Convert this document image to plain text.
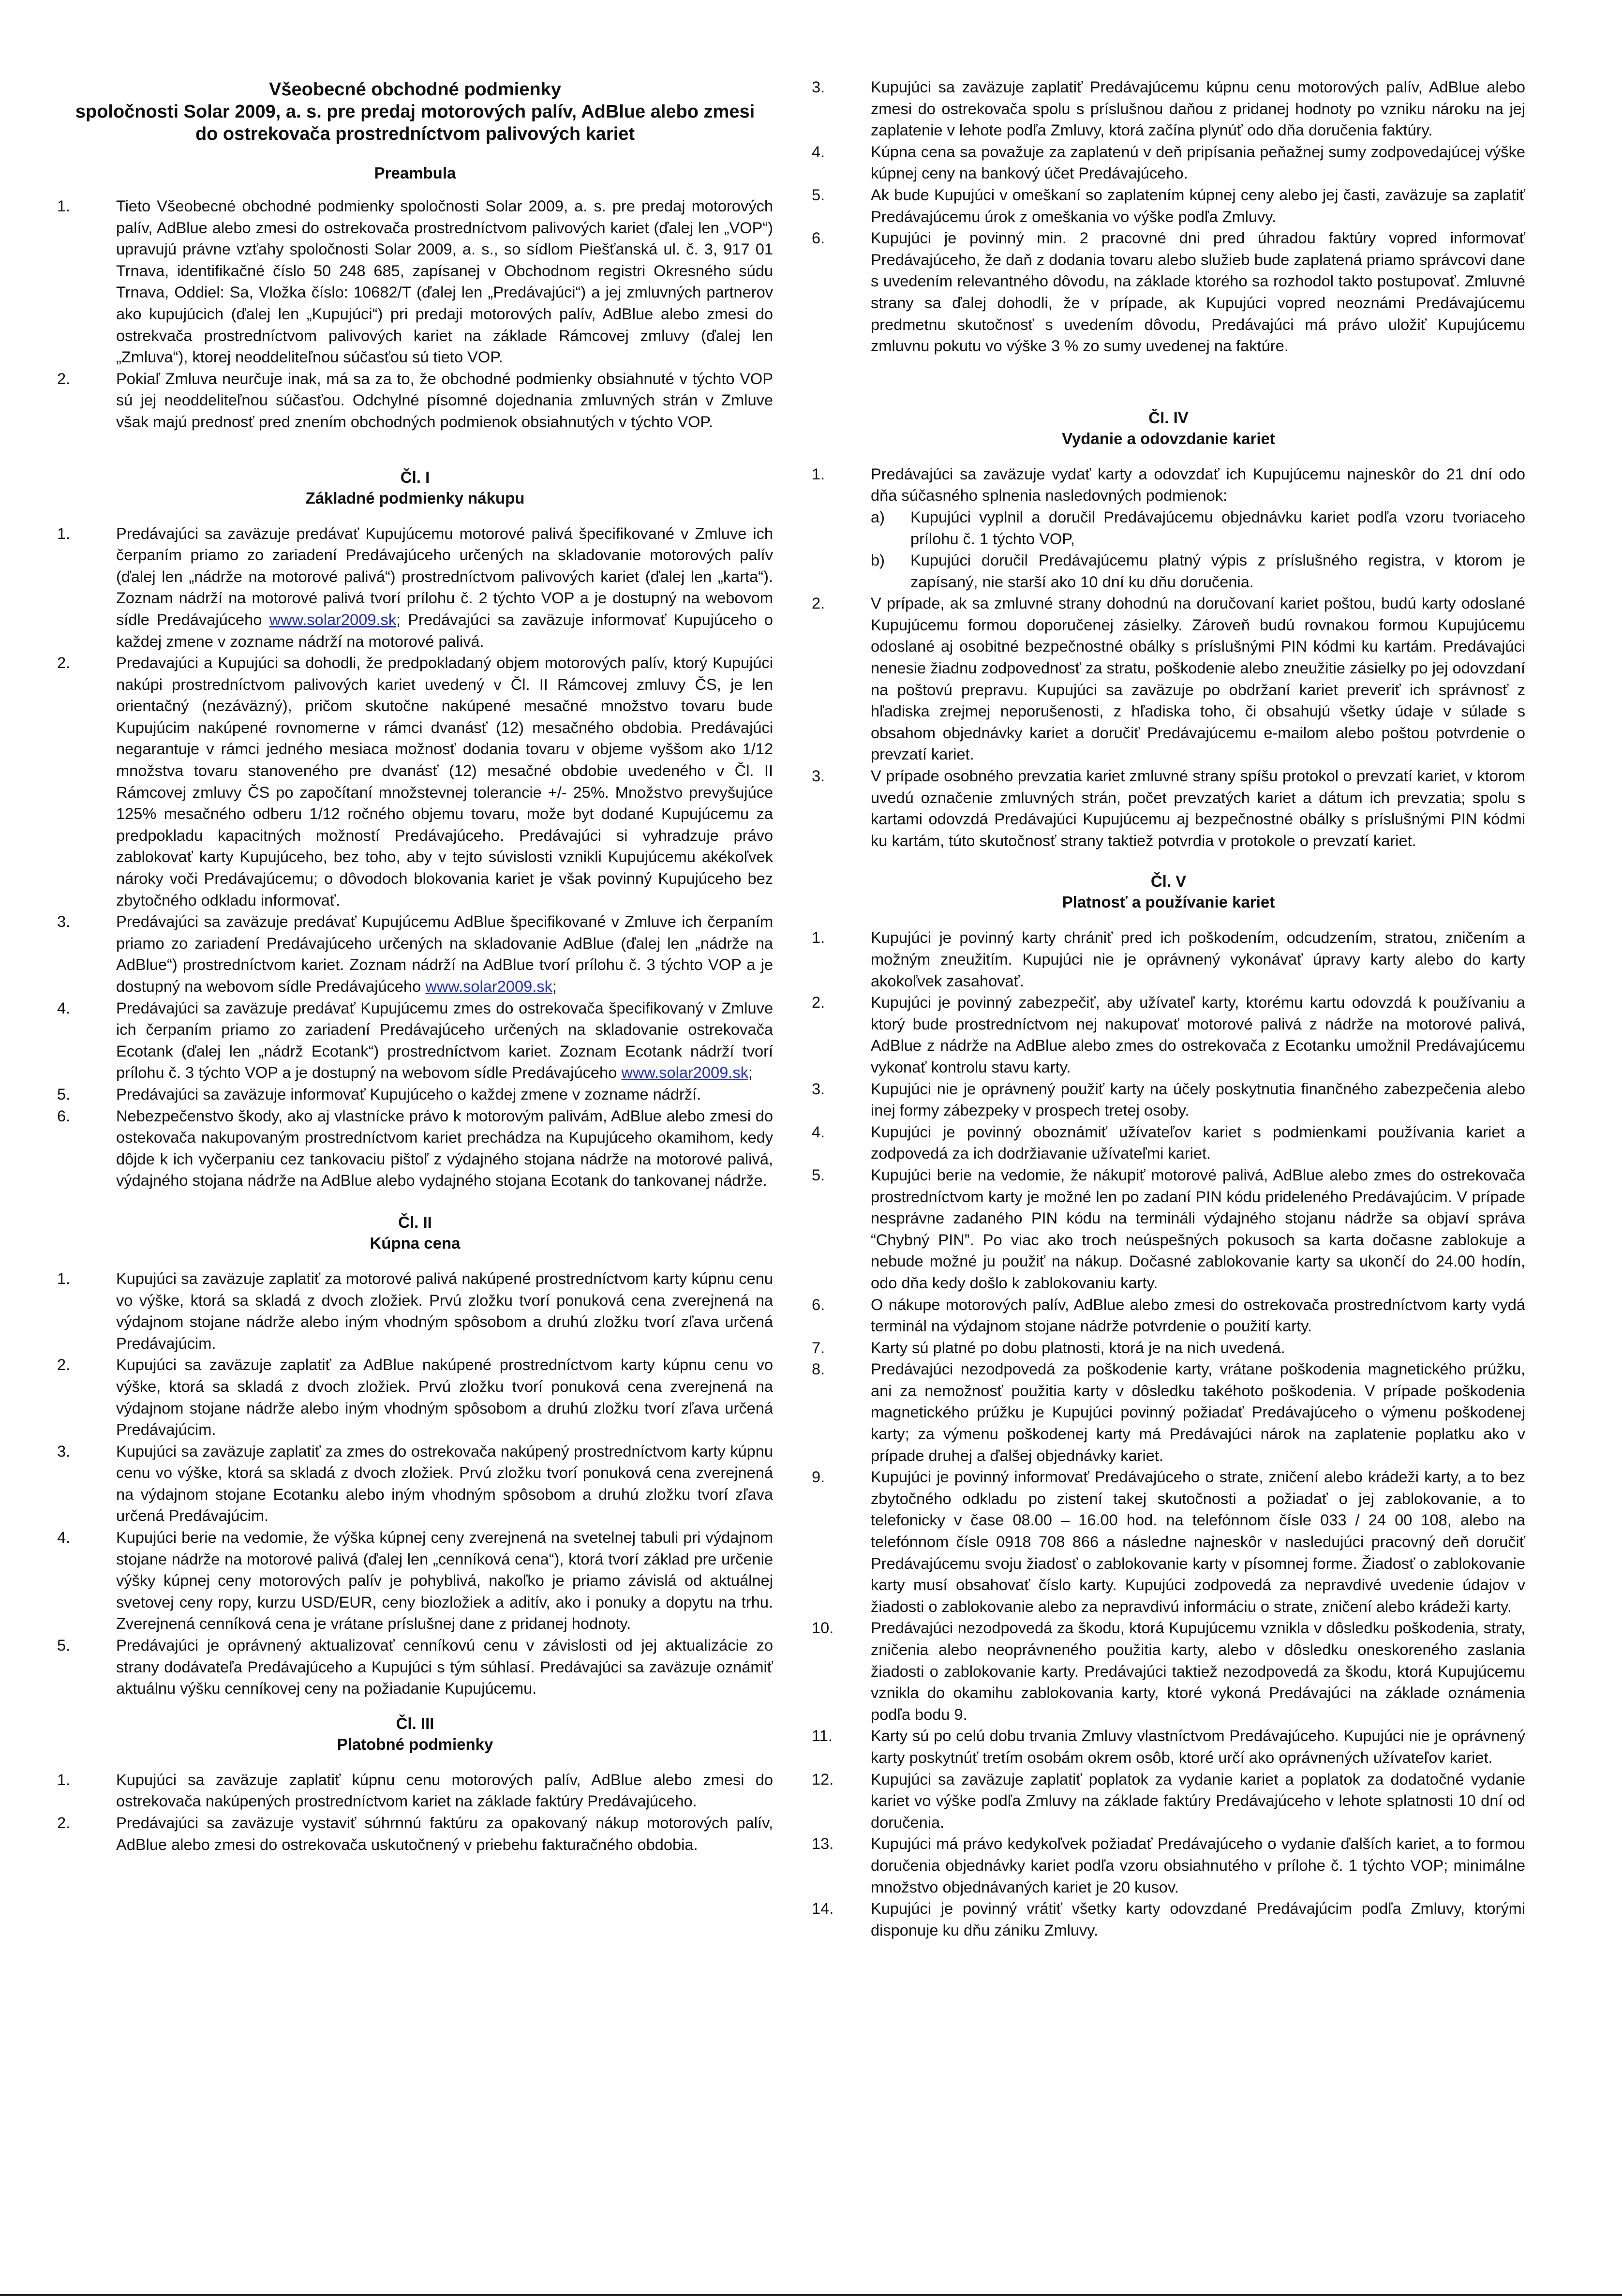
Všeobecné obchodné podmienky

spoločnosti Solar 2009, a. s. pre predaj motorových palív, AdBlue alebo zmesi

do ostrekovača prostredníctvom palivových kariet

Preambula

1.	Tieto Všeobecné obchodné podmienky spoločnosti Solar 2009, a. s. pre predaj motorových palív, AdBlue alebo zmesi do ostrekovača prostredníctvom palivových kariet (ďalej len „VOP“) upravujú právne vzťahy spoločnosti Solar 2009, a. s., so sídlom Piešťanská ul. č. 3, 917 01 Trnava, identifikačné číslo 50 248 685, zapísanej v Obchodnom registri Okresného súdu Trnava, Oddiel: Sa, Vložka číslo: 10682/T (ďalej len „Predávajúci“) a jej zmluvných partnerov ako kupujúcich (ďalej len „Kupujúci“) pri predaji motorových palív, AdBlue alebo zmesi do ostrekvača prostredníctvom palivových kariet na základe Rámcovej zmluvy (ďalej len „Zmluva“), ktorej neoddeliteľnou súčasťou sú tieto VOP.
2.	Pokiaľ Zmluva neurčuje inak, má sa za to, že obchodné podmienky obsiahnuté v týchto VOP sú jej neoddeliteľnou súčasťou. Odchylné písomné dojednania zmluvných strán v Zmluve však majú prednosť pred znením obchodných podmienok obsiahnutých v týchto VOP.

Čl. I

Základné podmienky nákupu

1.	Predávajúci sa zaväzuje predávať Kupujúcemu motorové palivá špecifikované v Zmluve ich čerpaním priamo zo zariadení Predávajúceho určených na skladovanie motorových palív (ďalej len „nádrže na motorové palivá“) prostredníctvom palivových kariet (ďalej len „karta“). Zoznam nádrží na motorové palivá tvorí prílohu č. 2 týchto VOP a je dostupný na webovom sídle Predávajúceho www.solar2009.sk; Predávajúci sa zaväzuje informovať Kupujúceho o každej zmene v zozname nádrží na motorové palivá.
2.	Predavajúci a Kupujúci sa dohodli, že predpokladaný objem motorových palív, ktorý Kupujúci nakúpi prostredníctvom palivových kariet uvedený v Čl. II Rámcovej zmluvy ČS, je len orientačný (nezáväzný), pričom skutočne nakúpené mesačné množstvo tovaru bude Kupujúcim nakúpené rovnomerne v rámci dvanásť (12) mesačného obdobia. Predávajúci negarantuje v rámci jedného mesiaca možnosť dodania tovaru v objeme vyššom ako 1/12 množstva tovaru stanoveného pre dvanásť (12) mesačné obdobie uvedeného v Čl. II Rámcovej zmluvy ČS po započítaní množstevnej tolerancie +/- 25%. Množstvo prevyšujúce 125% mesačného odberu 1/12 ročného objemu tovaru, može byt dodané Kupujúcemu za predpokladu kapacitných možností Predávajúceho. Predávajúci si vyhradzuje právo zablokovať karty Kupujúceho, bez toho, aby v tejto súvislosti vznikli Kupujúcemu akékoľvek nároky voči Predávajúcemu; o dôvodoch blokovania kariet je však povinný Kupujúceho bez zbytočného odkladu informovať.
3.	Predávajúci sa zaväzuje predávať Kupujúcemu AdBlue špecifikované v Zmluve ich čerpaním priamo zo zariadení Predávajúceho určených na skladovanie AdBlue (ďalej len „nádrže na AdBlue“) prostredníctvom kariet. Zoznam nádrží na AdBlue tvorí prílohu č. 3 týchto VOP a je dostupný na webovom sídle Predávajúceho www.solar2009.sk;
4.	Predávajúci sa zaväzuje predávať Kupujúcemu zmes do ostrekovača špecifikovaný v Zmluve ich čerpaním priamo zo zariadení Predávajúceho určených na skladovanie ostrekovača Ecotank (ďalej len „nádrž Ecotank“) prostredníctvom kariet. Zoznam Ecotank nádrží tvorí prílohu č. 3 týchto VOP a je dostupný na webovom sídle Predávajúceho www.solar2009.sk;
5.	Predávajúci sa zaväzuje informovať Kupujúceho o každej zmene v zozname nádrží.
6.	Nebezpečenstvo škody, ako aj vlastnícke právo k motorovým palivám, AdBlue alebo zmesi do ostekovača nakupovaným prostredníctvom kariet prechádza na Kupujúceho okamihom, kedy dôjde k ich vyčerpaniu cez tankovaciu pištoľ z výdajného stojana nádrže na motorové palivá, výdajného stojana nádrže na AdBlue alebo vydajného stojana Ecotank do tankovanej nádrže.

Čl. II

Kúpna cena

1.	Kupujúci sa zaväzuje zaplatiť za motorové palivá nakúpené prostredníctvom karty kúpnu cenu vo výške, ktorá sa skladá z dvoch zložiek. Prvú zložku tvorí ponuková cena zverejnená na výdajnom stojane nádrže alebo iným vhodným spôsobom a druhú zložku tvorí zľava určená Predávajúcim.
2.	Kupujúci sa zaväzuje zaplatiť za AdBlue nakúpené prostredníctvom karty kúpnu cenu vo výške, ktorá sa skladá z dvoch zložiek. Prvú zložku tvorí ponuková cena zverejnená na výdajnom stojane nádrže alebo iným vhodným spôsobom a druhú zložku tvorí zľava určená Predávajúcim.
3.	Kupujúci sa zaväzuje zaplatiť za zmes do ostrekovača nakúpený prostredníctvom karty kúpnu cenu vo výške, ktorá sa skladá z dvoch zložiek. Prvú zložku tvorí ponuková cena zverejnená na výdajnom stojane Ecotanku alebo iným vhodným spôsobom a druhú zložku tvorí zľava určená Predávajúcim.
4.	Kupujúci berie na vedomie, že výška kúpnej ceny zverejnená na svetelnej tabuli pri výdajnom stojane nádrže na motorové palivá (ďalej len „cenníková cena“), ktorá tvorí základ pre určenie výšky kúpnej ceny motorových palív je pohyblivá, nakoľko je priamo závislá od aktuálnej svetovej ceny ropy, kurzu USD/EUR, ceny biozložiek a aditív, ako i ponuky a dopytu na trhu. Zverejnená cenníková cena je vrátane príslušnej dane z pridanej hodnoty.
5.	Predávajúci je oprávnený aktualizovať cenníkovú cenu v závislosti od jej aktualizácie zo strany dodávateľa Predávajúceho a Kupujúci s tým súhlasí. Predávajúci sa zaväzuje oznámiť aktuálnu výšku cenníkovej ceny na požiadanie Kupujúcemu.

Čl. III

Platobné podmienky

1.	Kupujúci sa zaväzuje zaplatiť kúpnu cenu motorových palív, AdBlue alebo zmesi do ostrekovača nakúpených prostredníctvom kariet na základe faktúry Predávajúceho.
2.	Predávajúci sa zaväzuje vystaviť súhrnnú faktúru za opakovaný nákup motorových palív, AdBlue alebo zmesi do ostrekovača uskutočnený v priebehu fakturačného obdobia.
3.	Kupujúci sa zaväzuje zaplatiť Predávajúcemu kúpnu cenu motorových palív, AdBlue alebo zmesi do ostrekovača spolu s príslušnou daňou z pridanej hodnoty po vzniku nároku na jej zaplatenie v lehote podľa Zmluvy, ktorá začína plynúť odo dňa doručenia faktúry.
4.	Kúpna cena sa považuje za zaplatenú v deň pripísania peňažnej sumy zodpovedajúcej výške kúpnej ceny na bankový účet Predávajúceho.
5.	Ak bude Kupujúci v omeškaní so zaplatením kúpnej ceny alebo jej časti, zaväzuje sa zaplatiť Predávajúcemu úrok z omeškania vo výške podľa Zmluvy.
6.	Kupujúci je povinný min. 2 pracovné dni pred úhradou faktúry vopred informovať Predávajúceho, že daň z dodania tovaru alebo služieb bude zaplatená priamo správcovi dane s uvedením relevantného dôvodu, na základe ktorého sa rozhodol takto postupovať. Zmluvné strany sa ďalej dohodli, že v prípade, ak Kupujúci vopred neoznámi Predávajúcemu predmetnu skutočnosť s uvedením dôvodu, Predávajúci má právo uložiť Kupujúcemu zmluvnu pokutu vo výške 3 % zo sumy uvedenej na faktúre.

Čl. IV

Vydanie a odovzdanie kariet

1.	Predávajúci sa zaväzuje vydať karty a odovzdať ich Kupujúcemu najneskôr do 21 dní odo dňa súčasného splnenia nasledovných podmienok:
a)	Kupujúci vyplnil a doručil Predávajúcemu objednávku kariet podľa vzoru tvoriaceho prílohu č. 1 týchto VOP,
b)	Kupujúci doručil Predávajúcemu platný výpis z príslušného registra, v ktorom je zapísaný, nie starší ako 10 dní ku dňu doručenia.
2.	V prípade, ak sa zmluvné strany dohodnú na doručovaní kariet poštou, budú karty odoslané Kupujúcemu formou doporučenej zásielky. Zároveň budú rovnakou formou Kupujúcemu odoslané aj osobitné bezpečnostné obálky s príslušnými PIN kódmi ku kartám. Predávajúci nenesie žiadnu zodpovednosť za stratu, poškodenie alebo zneužitie zásielky po jej odovzdaní na poštovú prepravu. Kupujúci sa zaväzuje po obdržaní kariet preveriť ich správnosť z hľadiska zrejmej neporušenosti, z hľadiska toho, či obsahujú všetky údaje v súlade s obsahom objednávky kariet a doručiť Predávajúcemu e-mailom alebo poštou potvrdenie o prevzatí kariet.
3.	V prípade osobného prevzatia kariet zmluvné strany spíšu protokol o prevzatí kariet, v ktorom uvedú označenie zmluvných strán, počet prevzatých kariet a dátum ich prevzatia; spolu s kartami odovzdá Predávajúci Kupujúcemu aj bezpečnostné obálky s príslušnými PIN kódmi ku kartám, túto skutočnosť strany taktiež potvrdia v protokole o prevzatí kariet.

Čl. V

Platnosť a používanie kariet

1.	Kupujúci je povinný karty chrániť pred ich poškodením, odcudzením, stratou, zničením a možným zneužitím. Kupujúci nie je oprávnený vykonávať úpravy karty alebo do karty akokoľvek zasahovať.
2.	Kupujúci je povinný zabezpečiť, aby užívateľ karty, ktorému kartu odovzdá k používaniu a ktorý bude prostredníctvom nej nakupovať motorové palivá z nádrže na motorové palivá, AdBlue z nádrže na AdBlue alebo zmes do ostrekovača z Ecotanku umožnil Predávajúcemu vykonať kontrolu stavu karty.
3.	Kupujúci nie je oprávnený použiť karty na účely poskytnutia finančného zabezpečenia alebo inej formy zábezpeky v prospech tretej osoby.
4.	Kupujúci je povinný oboznámiť užívateľov kariet s podmienkami používania kariet a zodpovedá za ich dodržiavanie užívateľmi kariet.
5.	Kupujúci berie na vedomie, že nákupiť motorové palivá, AdBlue alebo zmes do ostrekovača prostredníctvom karty je možné len po zadaní PIN kódu prideleného Predávajúcim. V prípade nesprávne zadaného PIN kódu na termináli výdajného stojanu nádrže sa objaví správa “Chybný PIN”. Po viac ako troch neúspešných pokusoch sa karta dočasne zablokuje a nebude možné ju použiť na nákup. Dočasné zablokovanie karty sa ukončí do 24.00 hodín, odo dňa kedy došlo k zablokovaniu karty.
6.	O nákupe motorových palív, AdBlue alebo zmesi do ostrekovača prostredníctvom karty vydá terminál na výdajnom stojane nádrže potvrdenie o použití karty.
7.	Karty sú platné po dobu platnosti, ktorá je na nich uvedená.
8.	Predávajúci nezodpovedá za poškodenie karty, vrátane poškodenia magnetického prúžku, ani za nemožnosť použitia karty v dôsledku takéhoto poškodenia. V prípade poškodenia magnetického prúžku je Kupujúci povinný požiadať Predávajúceho o výmenu poškodenej karty; za výmenu poškodenej karty má Predávajúci nárok na zaplatenie poplatku ako v prípade druhej a ďalšej objednávky kariet.
9.	Kupujúci je povinný informovať Predávajúceho o strate, zničení alebo krádeži karty, a to bez zbytočného odkladu po zistení takej skutočnosti a požiadať o jej zablokovanie, a to telefonicky v čase 08.00 – 16.00 hod. na telefónnom čísle 033 / 24 00 108, alebo na telefónnom čísle 0918 708 866 a následne najneskôr v nasledujúci pracovný deň doručiť Predávajúcemu svoju žiadosť o zablokovanie karty v písomnej forme. Žiadosť o zablokovanie karty musí obsahovať číslo karty. Kupujúci zodpovedá za nepravdivé uvedenie údajov v žiadosti o zablokovanie alebo za nepravdivú informáciu o strate, zničení alebo krádeži karty.
10.	Predávajúci nezodpovedá za škodu, ktorá Kupujúcemu vznikla v dôsledku poškodenia, straty, zničenia alebo neoprávneného použitia karty, alebo v dôsledku oneskoreného zaslania žiadosti o zablokovanie karty. Predávajúci taktiež nezodpovedá za škodu, ktorá Kupujúcemu vznikla do okamihu zablokovania karty, ktoré vykoná Predávajúci na základe oznámenia podľa bodu 9.
11.	Karty sú po celú dobu trvania Zmluvy vlastníctvom Predávajúceho. Kupujúci nie je oprávnený karty poskytnúť tretím osobám okrem osôb, ktoré určí ako oprávnených užívateľov kariet.
12.	Kupujúci sa zaväzuje zaplatiť poplatok za vydanie kariet a poplatok za dodatočné vydanie kariet vo výške podľa Zmluvy na základe faktúry Predávajúceho v lehote splatnosti 10 dní od doručenia.
13.	Kupujúci má právo kedykoľvek požiadať Predávajúceho o vydanie ďalších kariet, a to formou doručenia objednávky kariet podľa vzoru obsiahnutého v prílohe č. 1 týchto VOP; minimálne množstvo objednávaných kariet je 20 kusov.
14.	Kupujúci je povinný vrátiť všetky karty odovzdané Predávajúcim podľa Zmluvy, ktorými disponuje ku dňu zániku Zmluvy.
